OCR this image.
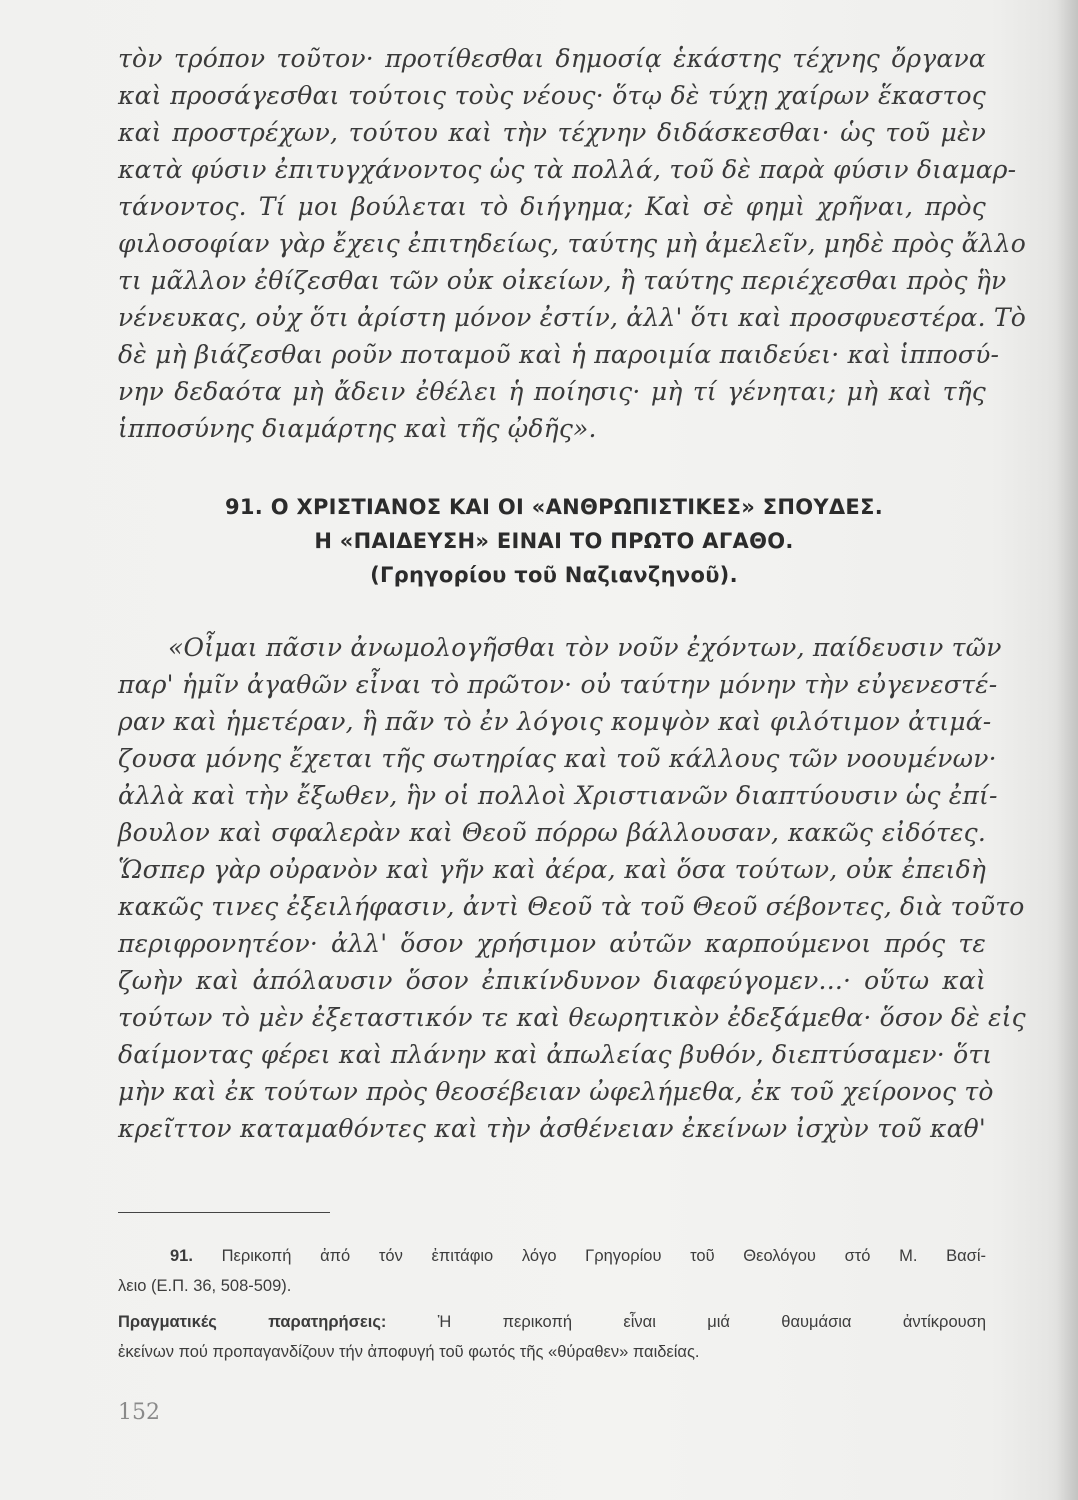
τὸν τρόπον τοῦτον· προτίθεσθαι δημοσίᾳ ἑκάστης τέχνης ὄργανα
καὶ προσάγεσθαι τούτοις τοὺς νέους· ὅτῳ δὲ τύχῃ χαίρων ἕκαστος
καὶ προστρέχων, τούτου καὶ τὴν τέχνην διδάσκεσθαι· ὡς τοῦ μὲν
κατὰ φύσιν ἐπιτυγχάνοντος ὡς τὰ πολλά, τοῦ δὲ παρὰ φύσιν διαμαρ-
τάνοντος. Τί μοι βούλεται τὸ διήγημα; Καὶ σὲ φημὶ χρῆναι, πρὸς
φιλοσοφίαν γὰρ ἔχεις ἐπιτηδείως, ταύτης μὴ ἀμελεῖν, μηδὲ πρὸς ἄλλο
τι μᾶλλον ἐθίζεσθαι τῶν οὐκ οἰκείων, ἢ ταύτης περιέχεσθαι πρὸς ἣν
νένευκας, οὐχ ὅτι ἀρίστη μόνον ἐστίν, ἀλλ' ὅτι καὶ προσφυεστέρα. Τὸ
δὲ μὴ βιάζεσθαι ροῦν ποταμοῦ καὶ ἡ παροιμία παιδεύει· καὶ ἱπποσύ-
νην δεδαότα μὴ ἄδειν ἐθέλει ἡ ποίησις· μὴ τί γένηται; μὴ καὶ τῆς
ἱπποσύνης διαμάρτης καὶ τῆς ᾠδῆς».
91. Ο ΧΡΙΣΤΙΑΝΟΣ ΚΑΙ ΟΙ «ΑΝΘΡΩΠΙΣΤΙΚΕΣ» ΣΠΟΥΔΕΣ.
Η «ΠΑΙΔΕΥΣΗ» ΕΙΝΑΙ ΤΟ ΠΡΩΤΟ ΑΓΑΘΟ.
(Γρηγορίου τοῦ Ναζιανζηνοῦ).
«Οἶμαι πᾶσιν ἀνωμολογῆσθαι τὸν νοῦν ἐχόντων, παίδευσιν τῶν
παρ' ἡμῖν ἀγαθῶν εἶναι τὸ πρῶτον· οὐ ταύτην μόνην τὴν εὐγενεστέ-
ραν καὶ ἡμετέραν, ἣ πᾶν τὸ ἐν λόγοις κομψὸν καὶ φιλότιμον ἀτιμά-
ζουσα μόνης ἔχεται τῆς σωτηρίας καὶ τοῦ κάλλους τῶν νοουμένων·
ἀλλὰ καὶ τὴν ἔξωθεν, ἣν οἱ πολλοὶ Χριστιανῶν διαπτύουσιν ὡς ἐπί-
βουλον καὶ σφαλερὰν καὶ Θεοῦ πόρρω βάλλουσαν, κακῶς εἰδότες.
Ὥσπερ γὰρ οὐρανὸν καὶ γῆν καὶ ἀέρα, καὶ ὅσα τούτων, οὐκ ἐπειδὴ
κακῶς τινες ἐξειλήφασιν, ἀντὶ Θεοῦ τὰ τοῦ Θεοῦ σέβοντες, διὰ τοῦτο
περιφρονητέον· ἀλλ' ὅσον χρήσιμον αὐτῶν καρπούμενοι πρός τε
ζωὴν καὶ ἀπόλαυσιν ὅσον ἐπικίνδυνον διαφεύγομεν...· οὕτω καὶ
τούτων τὸ μὲν ἐξεταστικόν τε καὶ θεωρητικὸν ἐδεξάμεθα· ὅσον δὲ εἰς
δαίμοντας φέρει καὶ πλάνην καὶ ἀπωλείας βυθόν, διεπτύσαμεν· ὅτι
μὴν καὶ ἐκ τούτων πρὸς θεοσέβειαν ὠφελήμεθα, ἐκ τοῦ χείρονος τὸ
κρεῖττον καταμαθόντες καὶ τὴν ἀσθένειαν ἐκείνων ἰσχὺν τοῦ καθ'
91. Περικοπή ἀπό τόν ἐπιτάφιο λόγο Γρηγορίου τοῦ Θεολόγου στό Μ. Βασί-
λειο (Ε.Π. 36, 508-509).
Πραγματικές παρατηρήσεις:	Ἡ περικοπή εἶναι μιά θαυμάσια ἀντίκρουση
ἐκείνων πού προπαγανδίζουν τήν ἀποφυγή τοῦ φωτός τῆς «θύραθεν» παιδείας.
152
